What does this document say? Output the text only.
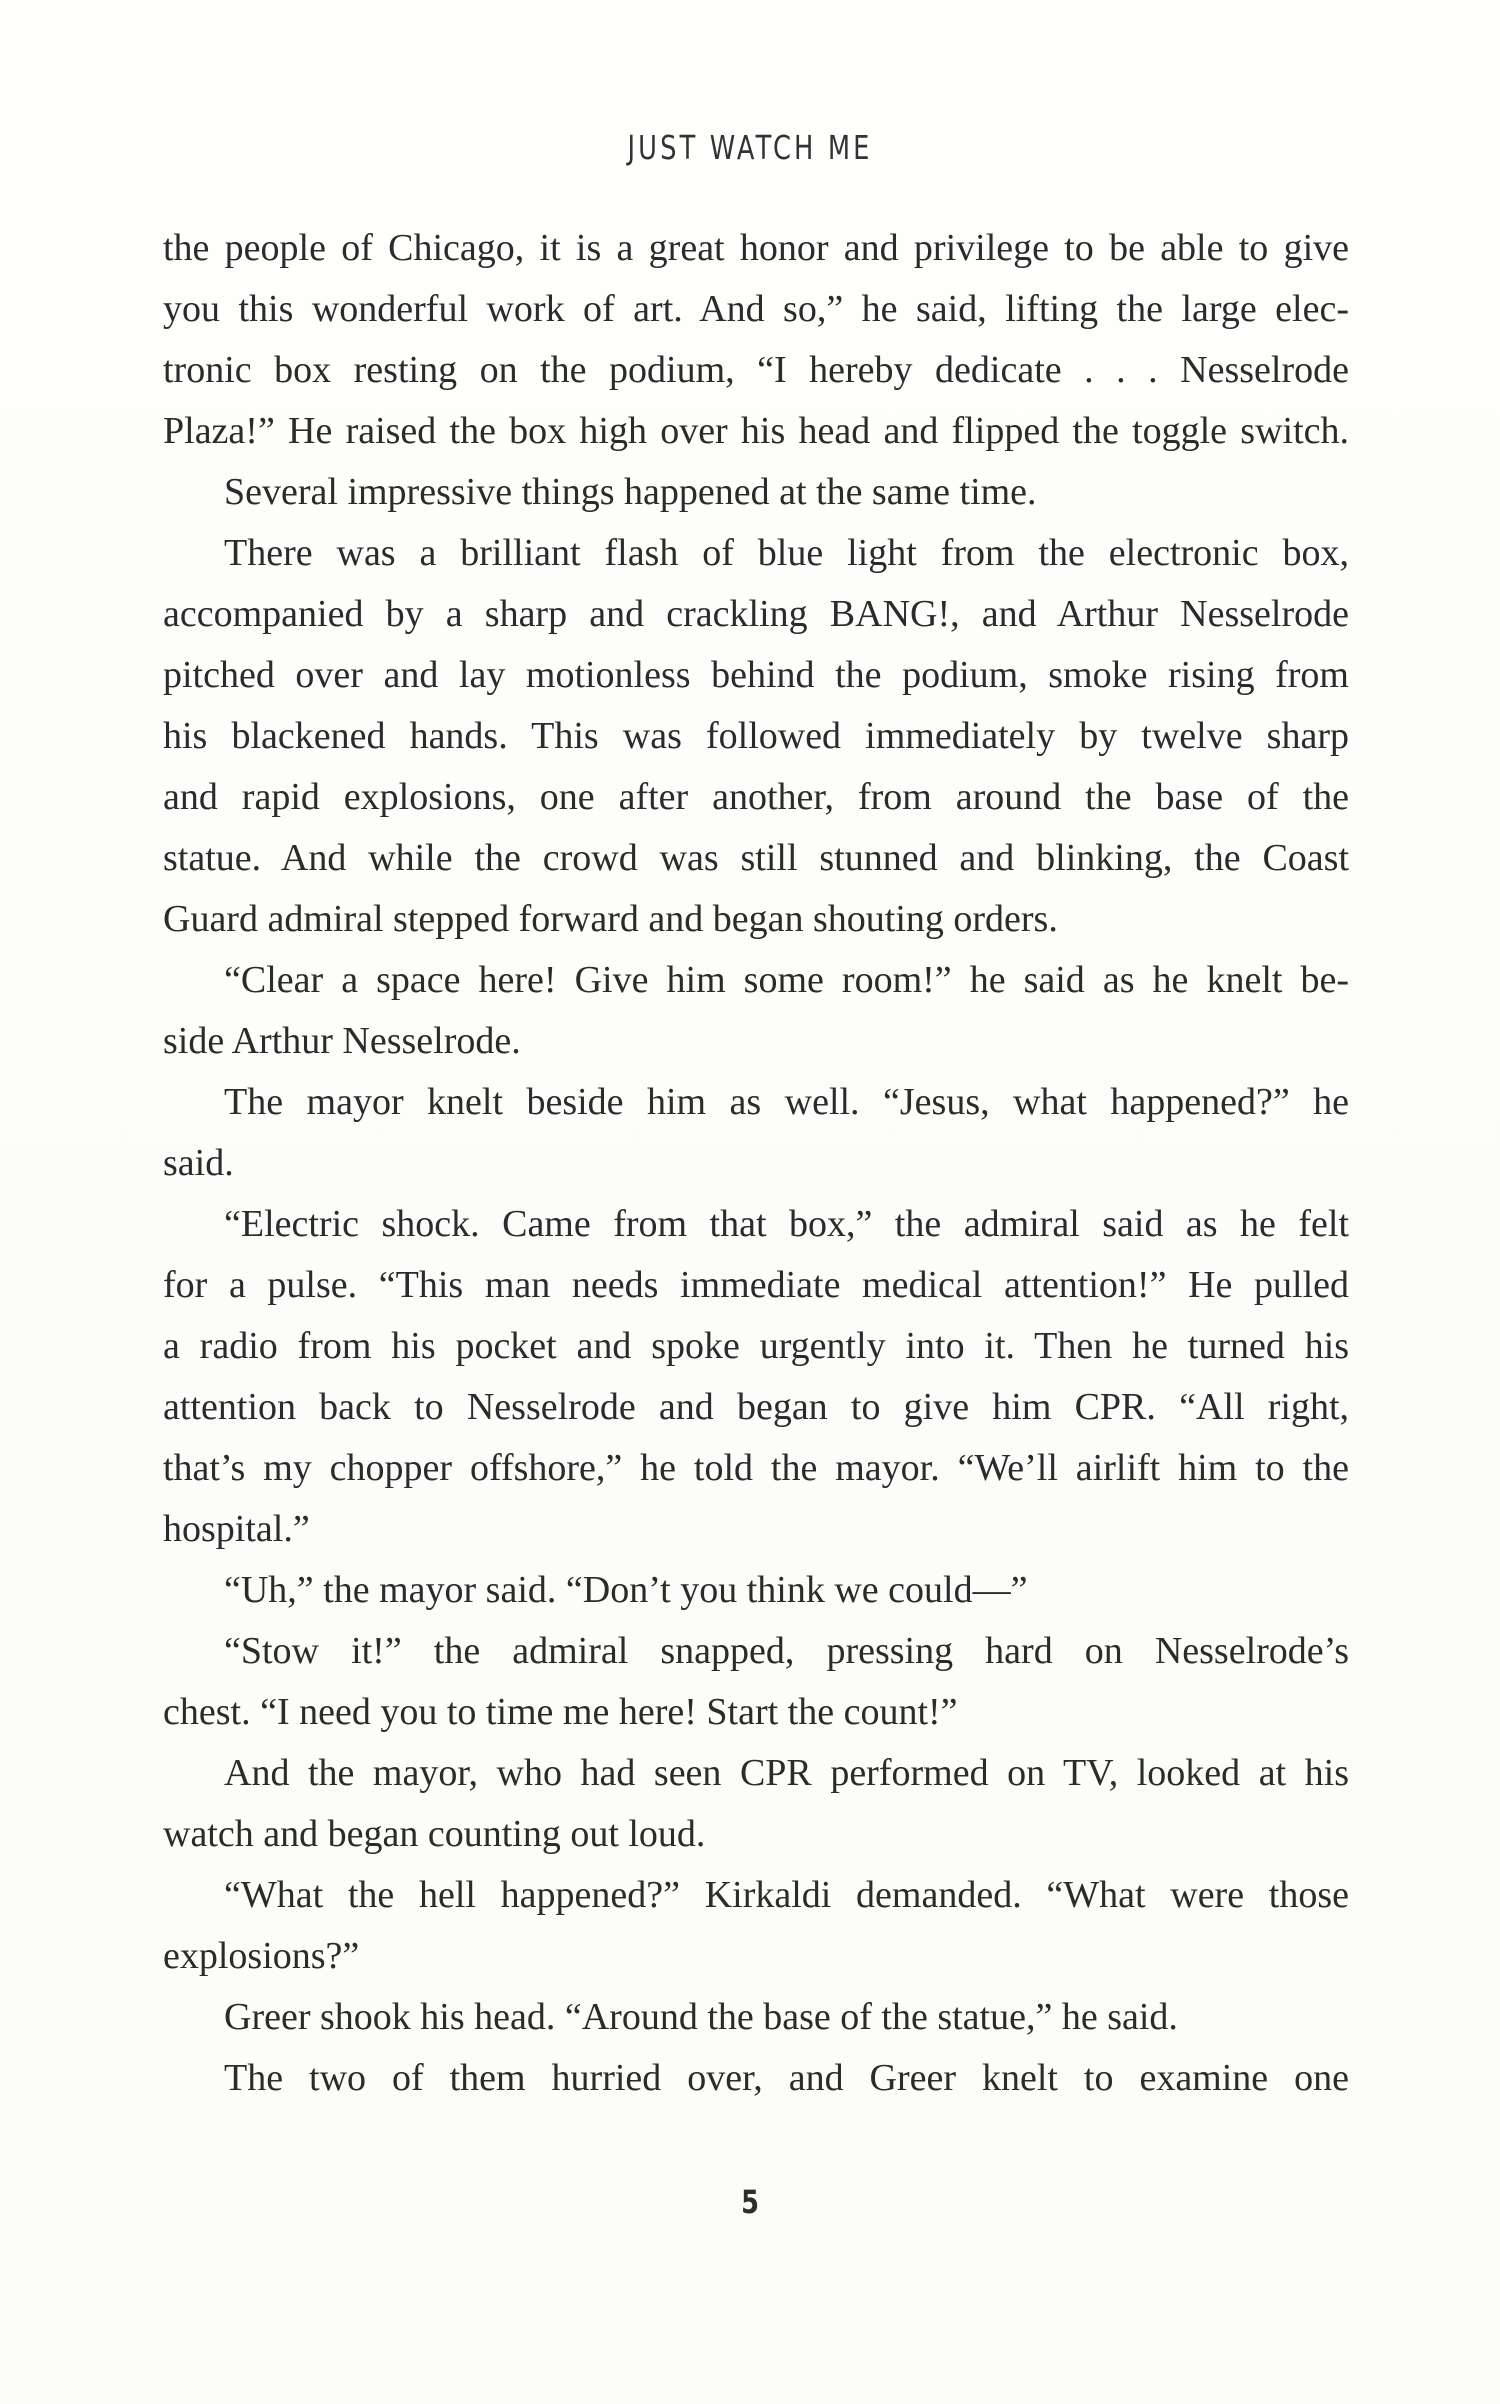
JUST WATCH ME
the people of Chicago, it is a great honor and privilege to be able to give
you this wonderful work of art. And so,” he said, lifting the large elec-
tronic box resting on the podium, “I hereby dedicate . . . Nesselrode
Plaza!” He raised the box high over his head and flipped the toggle switch.
Several impressive things happened at the same time.
There was a brilliant flash of blue light from the electronic box,
accompanied by a sharp and crackling BANG!, and Arthur Nesselrode
pitched over and lay motionless behind the podium, smoke rising from
his blackened hands. This was followed immediately by twelve sharp
and rapid explosions, one after another, from around the base of the
statue. And while the crowd was still stunned and blinking, the Coast
Guard admiral stepped forward and began shouting orders.
“Clear a space here! Give him some room!” he said as he knelt be-
side Arthur Nesselrode.
The mayor knelt beside him as well. “Jesus, what happened?” he
said.
“Electric shock. Came from that box,” the admiral said as he felt
for a pulse. “This man needs immediate medical attention!” He pulled
a radio from his pocket and spoke urgently into it. Then he turned his
attention back to Nesselrode and began to give him CPR. “All right,
that’s my chopper offshore,” he told the mayor. “We’ll airlift him to the
hospital.”
“Uh,” the mayor said. “Don’t you think we could—”
“Stow it!” the admiral snapped, pressing hard on Nesselrode’s
chest. “I need you to time me here! Start the count!”
And the mayor, who had seen CPR performed on TV, looked at his
watch and began counting out loud.
“What the hell happened?” Kirkaldi demanded. “What were those
explosions?”
Greer shook his head. “Around the base of the statue,” he said.
The two of them hurried over, and Greer knelt to examine one
5
